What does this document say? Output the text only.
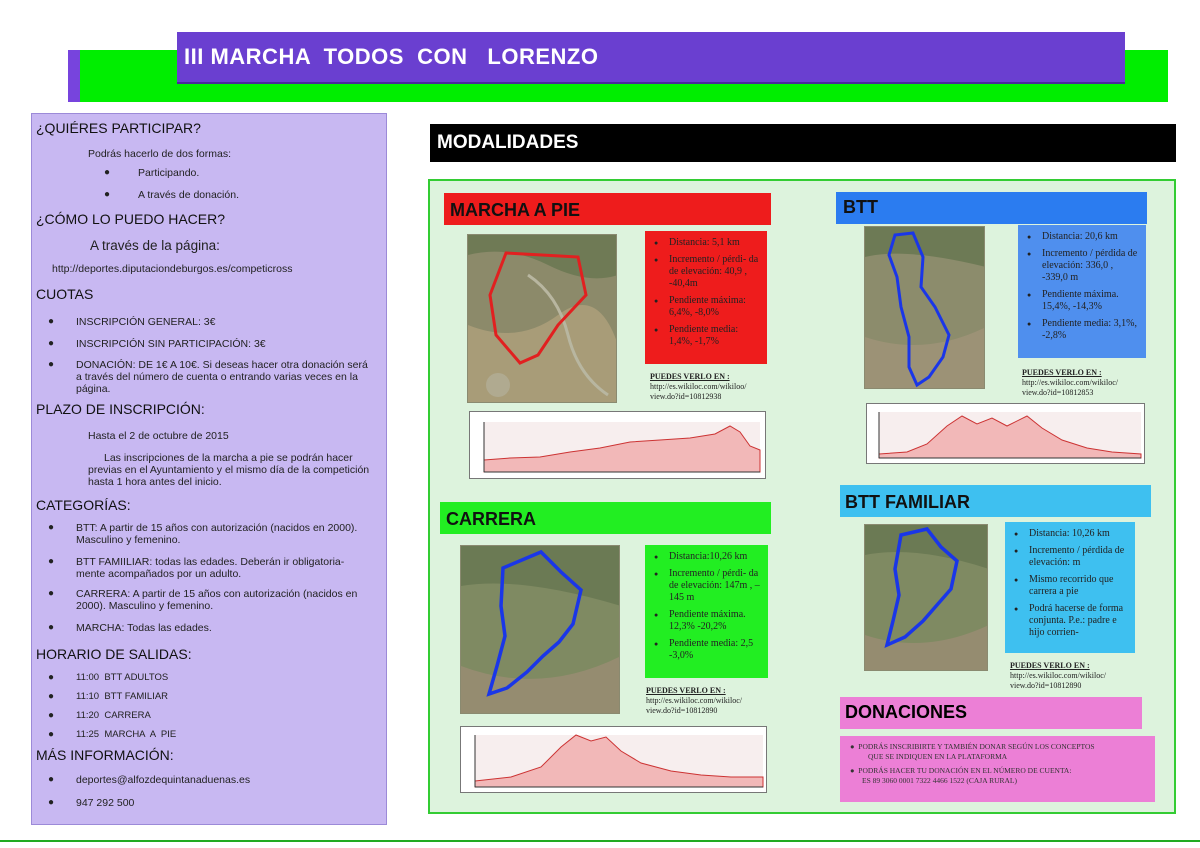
III MARCHA  TODOS  CON   LORENZO
¿QUIÉRES PARTICIPAR?
Podrás hacerlo de dos formas:
●	Participando.
●	A través de donación.
¿CÓMO LO PUEDO HACER?
A través de la página:
http://deportes.diputaciondeburgos.es/competicross
CUOTAS
● INSCRIPCIÓN GENERAL: 3€
● INSCRIPCIÓN SIN PARTICIPACIÓN: 3€
● DONACIÓN: DE 1€ A 10€. Si deseas hacer otra donación será a través del número de cuenta o entrando varias veces en la página.
PLAZO DE INSCRIPCIÓN:
Hasta el 2 de octubre de 2015
Las inscripciones de la marcha a pie se podrán hacer previas en el Ayuntamiento y el mismo día de la competición hasta 1 hora antes del inicio.
CATEGORÍAS:
● BTT: A partir de 15 años con autorización (nacidos en 2000). Masculino y femenino.
● BTT FAMIILIAR: todas las edades. Deberán ir obligatoria- mente acompañados por un adulto.
● CARRERA: A partir de 15 años con autorización (nacidos en 2000). Masculino y femenino.
● MARCHA: Todas las edades.
HORARIO DE SALIDAS:
● 11:00  BTT ADULTOS
● 11:10  BTT FAMILIAR
● 11:20  CARRERA
● 11:25  MARCHA  A  PIE
MÁS INFORMACIÓN:
● deportes@alfozdequintanaduenas.es
● 947 292 500
MODALIDADES
MARCHA A PIE
● Distancia: 5,1 km
● Incremento / pérdi- da de elevación: 40,9 , -40,4m
● Pendiente máxima: 6,4%, -8,0%
● Pendiente media: 1,4%, -1,7%
PUEDES VERLO EN :
http://es.wikiloc.com/wikiloo/
view.do?id=10812938
BTT
● Distancia: 20,6 km
● Incremento / pérdida de elevación: 336,0 , -339,0 m
● Pendiente máxima. 15,4%, -14,3%
● Pendiente media: 3,1%, -2,8%
PUEDES VERLO EN :
http://es.wikiloc.com/wikiloc/
view.do?id=10812853
CARRERA
● Distancia:10,26 km
● Incremento / pérdi- da de elevación: 147m , – 145 m
● Pendiente máxima. 12,3% -20,2%
● Pendiente media: 2,5 -3,0%
PUEDES VERLO EN :
http://es.wikiloc.com/wikiloc/
view.do?id=10812890
BTT FAMILIAR
● Distancia: 10,26 km
● Incremento / pérdida de elevación: m
● Mismo recorrido que carrera a pie
● Podrá hacerse de forma conjunta. P.e.: padre e hijo corrien-
PUEDES VERLO EN :
http://es.wikiloc.com/wikiloc/
view.do?id=10812890
DONACIONES
●  PODRÁS INSCRIBIRTE Y TAMBIÉN DONAR SEGÚN LOS CONCEPTOS
QUE SE INDIQUEN EN LA PLATAFORMA
●  PODRÁS HACER TU DONACIÓN EN EL NÚMERO DE CUENTA:
ES 89 3060 0001 7322 4466 1522 (CAJA RURAL)
